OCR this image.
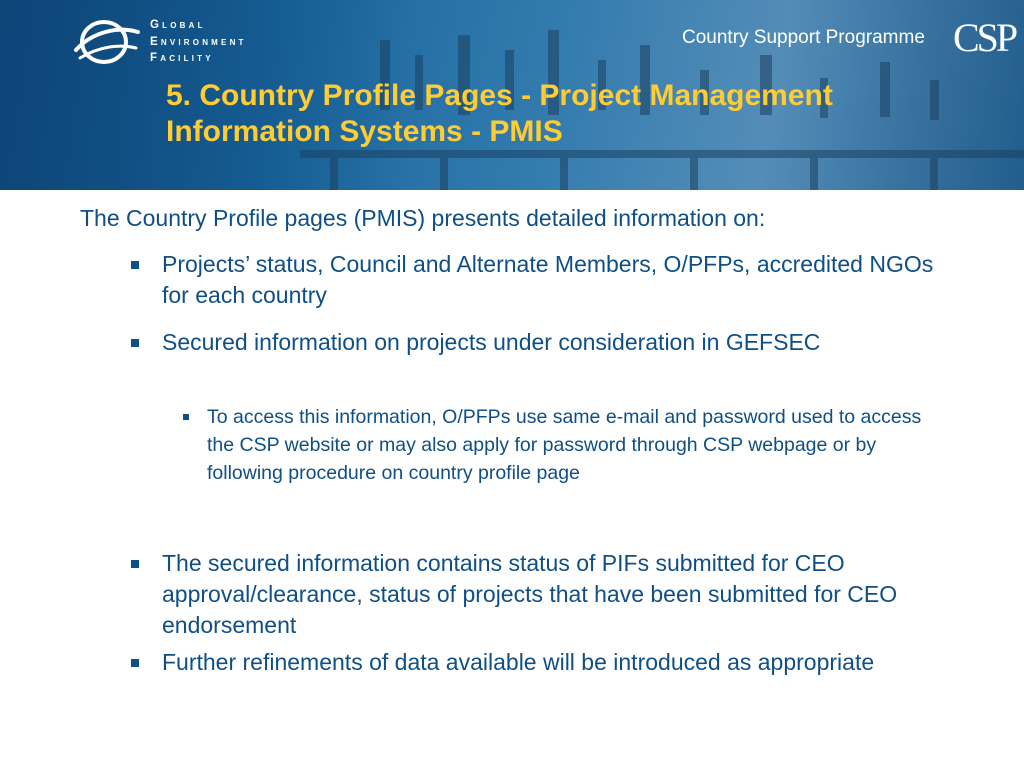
Global
Environment
Facility
Country Support Programme CSP
5. Country Profile Pages - Project Management Information Systems - PMIS

The Country Profile pages (PMIS) presents detailed information on:

Projects’ status, Council and Alternate Members, O/PFPs, accredited NGOs for each country
Secured information on projects under consideration in GEFSEC
To access this information, O/PFPs use same e-mail and password used to access the CSP website or may also apply for password through CSP webpage or by following procedure on country profile page
The secured information contains status of PIFs submitted for CEO approval/clearance, status of projects that have been submitted for CEO endorsement
Further refinements of data available will be introduced as appropriate
